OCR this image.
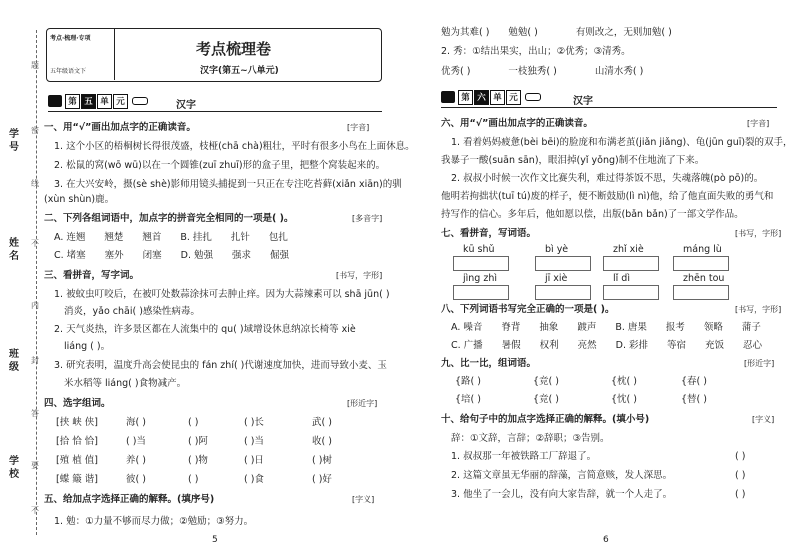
学号
姓名
班级
学校
题
密
线
不
内
封
答
要
不
考点·梳理·专项
五年级语文下
考点梳理卷
汉字(第五~八单元)
第 五 单 元	汉字
一、用“√”画出加点字的正确读音。	[字音]
1. 这个小区的梧桐树长得很茂盛，枝桠(chā chà)粗壮，平时有很多小鸟在上面休息。
2. 松鼠的窝(wō wū)以在一个圆锥(zuī zhuī)形的盒子里，把整个窝装起来的。
3. 在大兴安岭，摄(sè shè)影师用镜头捕捉到一只正在专注吃苔藓(xiǎn xiān)的驯
(xùn shùn)鹿。
二、下列各组词语中，加点字的拼音完全相同的一项是( )。	[多音字]
A. 连翘　　翘楚　　翘首　　B. 挂扎　　扎针　　包扎
C. 堵塞　　塞外　　闭塞　　D. 勉强　　强求　　倔强
三、看拼音，写字词。	[书写，字形]
1. 被蚊虫叮咬后，在被叮处数蒜涂抹可去肿止痒。因为大蒜辣素可以 shā jūn( )
消炎，yǎo chāi( )感染性病毒。
2. 天气炎热，许多景区都在人流集中的 qu( )域增设休息纳凉长椅等 xiè
liáng ( )。
3. 研究表明，温度升高会使昆虫的 fán zhí( )代谢速度加快，进而导致小麦、玉
米水稻等 liáng( )食物减产。
四、选字组词。	[形近字]
[挟 峡 侠]	海( )	( )	( )长	武( )
[拾 恰 恰]	( )当	( )阿	( )当	收( )
[殖 植 值]	养( )	( )物	( )日	( )树
[蝶 簸 谐]	彼( )	( )	( )食	( )好
五、给加点字选择正确的解释。(填序号)	[字义]
1. 勉：①力量不够而尽力做；②勉励；③努力。
5
勉为其难( )　　勉勉( )　　　　有则改之，无则加勉( )
2. 秀：①结出果实，出山；②优秀；③清秀。
优秀( )　　　　一枝独秀( )　　　　山清水秀( )
第 六 单 元	汉字
六、用“√”画出加点字的正确读音。	[字音]
1. 看着妈妈疲惫(bèi bēi)的脸庞和布满老茧(jiǎn jiǎng)、龟(jūn guī)裂的双手，
我暴子一酸(suān sān)，眼泪掉(yǐ yǒng)制不住地流了下来。
2. 叔叔小时候一次作文比赛失利，难过得茶饭不思，失魂落魄(pò pō)的。
他明若拘拙状(tuī tú)废的样子，便不断鼓励(lì nì)他，给了他直面失败的勇气和
持写作的信心。多年后，他如愿以偿，出版(bǎn bǎn)了一部文学作品。
七、看拼音，写词语。	[书写，字形]
kū shǔ	bì yè	zhǐ xiè	máng lù
jìng zhì	jī xiè	lǐ dì	zhēn tou
八、下列词语书写完全正确的一项是( )。	[书写，字形]
A. 噪音　　脊背　　抽象　　踱声　　B. 唐果　　报考　　领略　　蒲子
C. 广播　　暑假　　权利　　亮然　　D. 彩排　　等宿　　充饭　　忍心
九、比一比，组词语。	[形近字]
{路( )	{竞( )	{枕( )	{春( )
{培( )	{竞( )	{忱( )	{替( )
十、给句子中的加点字选择正确的解释。(填小号)	[字义]
辞：①文辞，言辞；②辞职；③告别。
1. 叔叔那一年被铁路工厂辞退了。	( )
2. 这篇文章虽无华丽的辞藻，言简意赅，发人深思。	( )
3. 他坐了一会儿，没有向大家告辞，就一个人走了。	( )
6
